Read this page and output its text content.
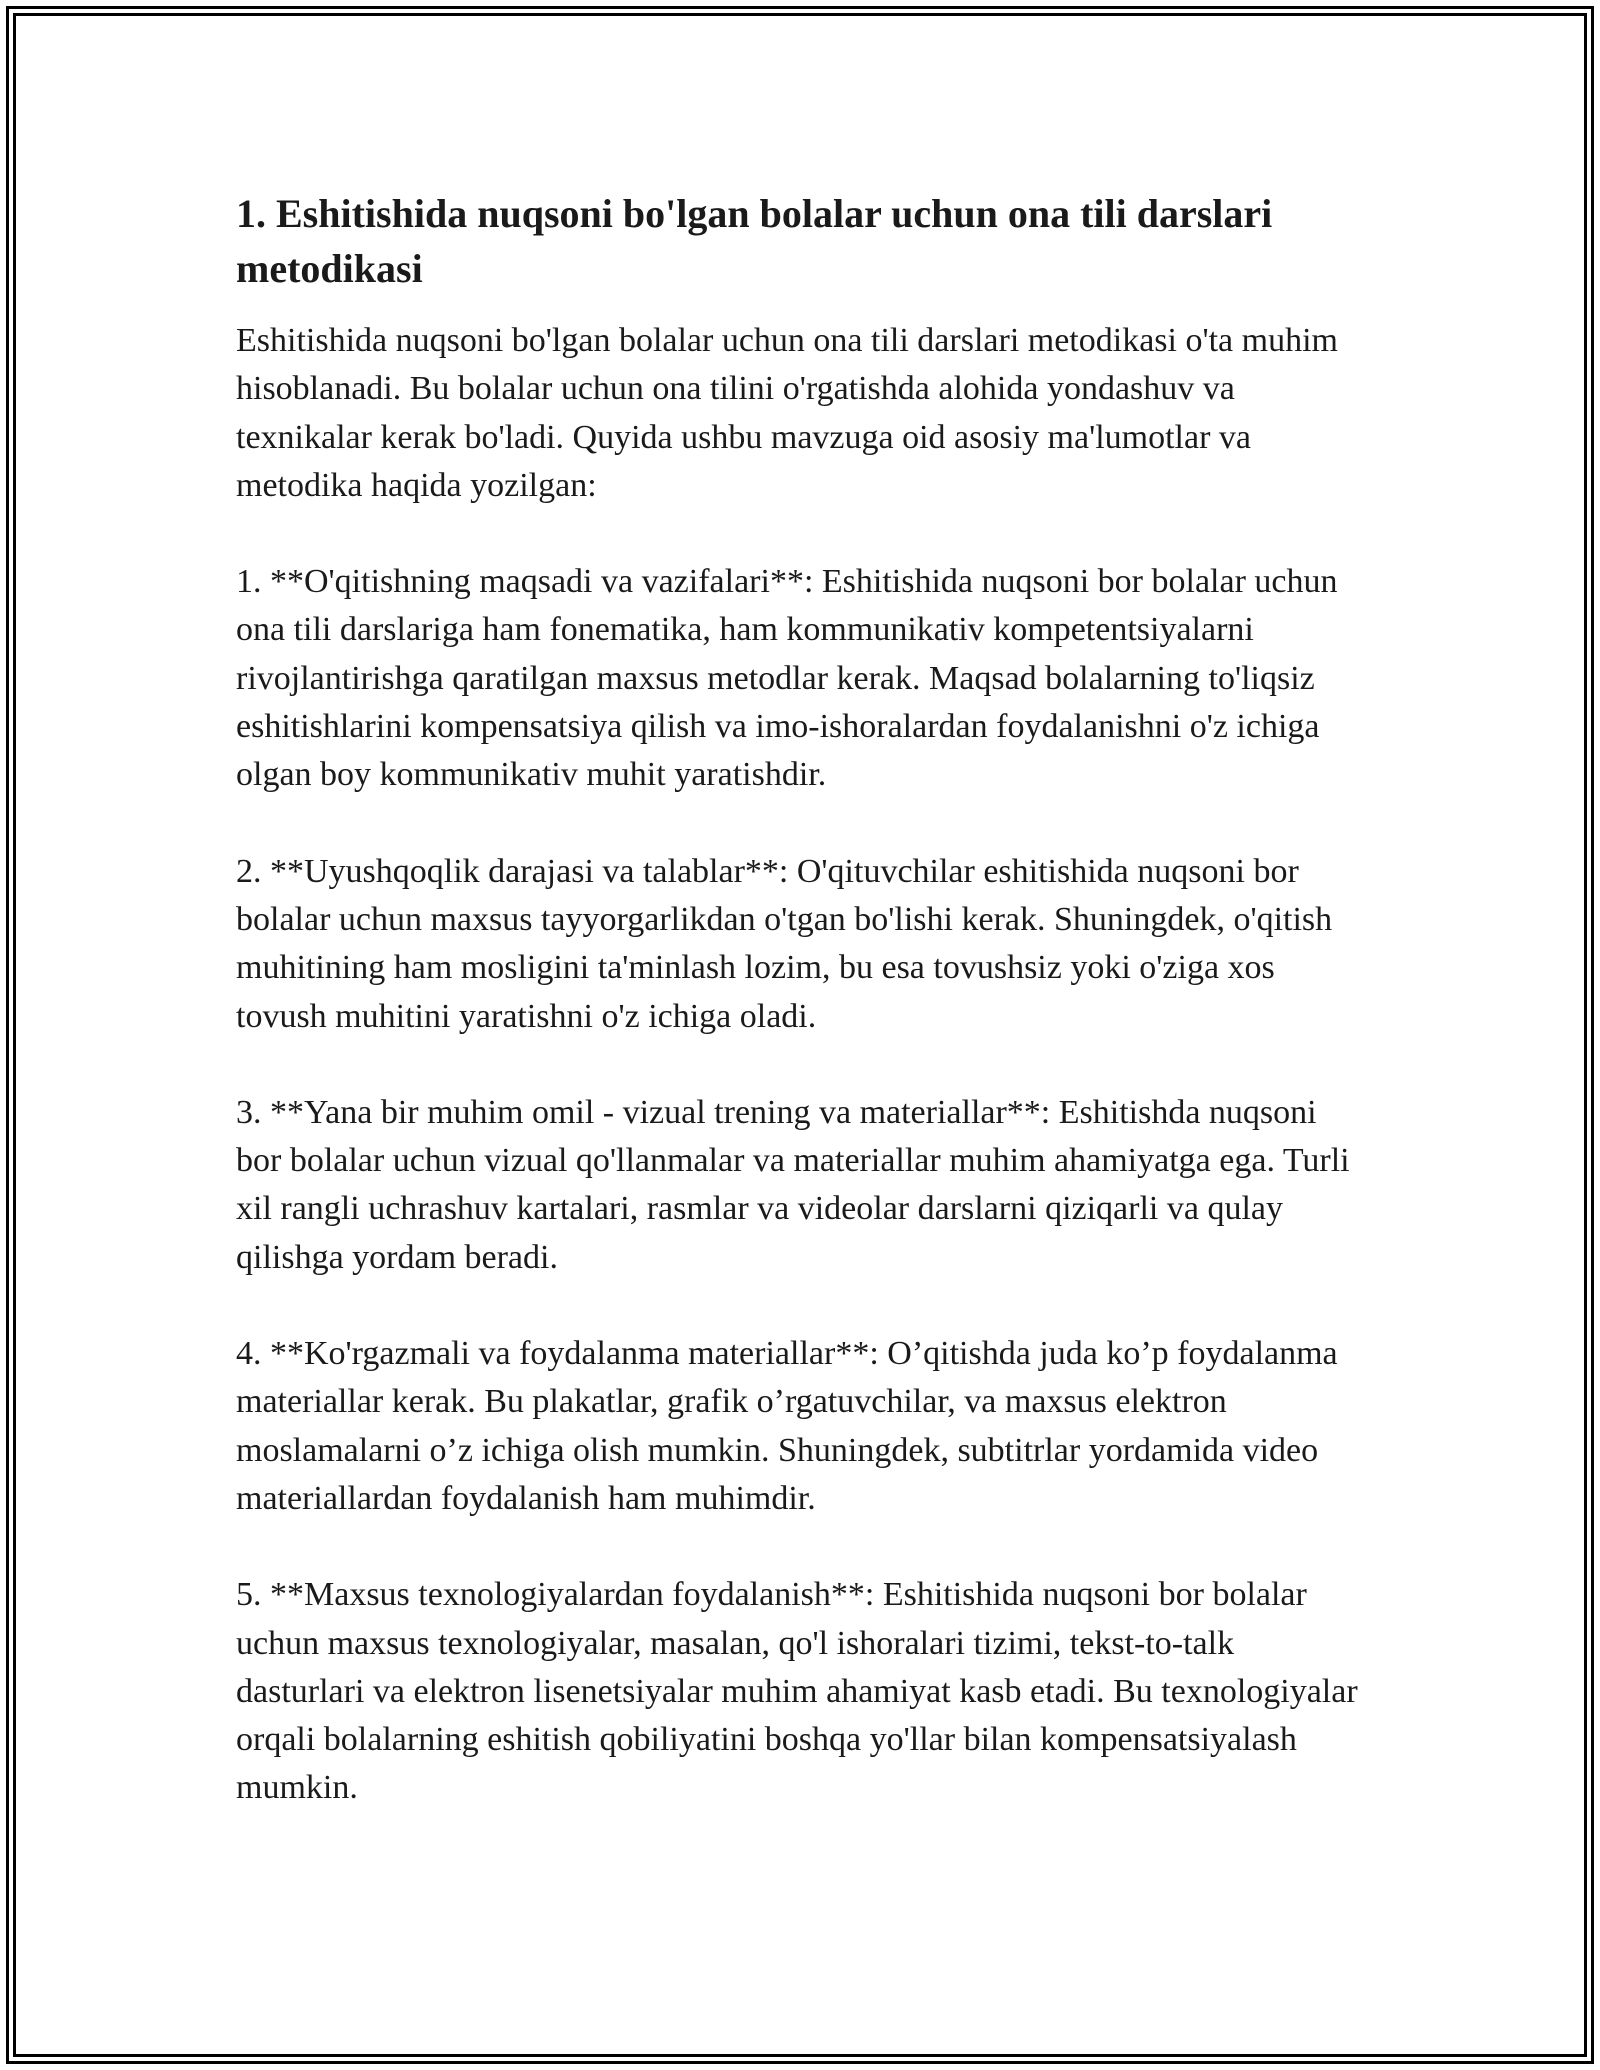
1. Eshitishida nuqsoni bo'lgan bolalar uchun ona tili darslari metodikasi

Eshitishida nuqsoni bo'lgan bolalar uchun ona tili darslari metodikasi o'ta muhim hisoblanadi. Bu bolalar uchun ona tilini o'rgatishda alohida yondashuv va texnikalar kerak bo'ladi. Quyida ushbu mavzuga oid asosiy ma'lumotlar va metodika haqida yozilgan:

1. **O'qitishning maqsadi va vazifalari**: Eshitishida nuqsoni bor bolalar uchun ona tili darslariga ham fonematika, ham kommunikativ kompetentsiyalarni rivojlantirishga qaratilgan maxsus metodlar kerak. Maqsad bolalarning to'liqsiz eshitishlarini kompensatsiya qilish va imo-ishoralardan foydalanishni o'z ichiga olgan boy kommunikativ muhit yaratishdir.

2. **Uyushqoqlik darajasi va talablar**: O'qituvchilar eshitishida nuqsoni bor bolalar uchun maxsus tayyorgarlikdan o'tgan bo'lishi kerak. Shuningdek, o'qitish muhitining ham mosligini ta'minlash lozim, bu esa tovushsiz yoki o'ziga xos tovush muhitini yaratishni o'z ichiga oladi.

3. **Yana bir muhim omil - vizual trening va materiallar**: Eshitishda nuqsoni bor bolalar uchun vizual qo'llanmalar va materiallar muhim ahamiyatga ega. Turli xil rangli uchrashuv kartalari, rasmlar va videolar darslarni qiziqarli va qulay qilishga yordam beradi.

4. **Ko'rgazmali va foydalanma materiallar**: O’qitishda juda ko’p foydalanma materiallar kerak. Bu plakatlar, grafik o’rgatuvchilar, va maxsus elektron moslamalarni o’z ichiga olish mumkin. Shuningdek, subtitrlar yordamida video materiallardan foydalanish ham muhimdir.

5. **Maxsus texnologiyalardan foydalanish**: Eshitishida nuqsoni bor bolalar uchun maxsus texnologiyalar, masalan, qo'l ishoralari tizimi, tekst-to-talk dasturlari va elektron lisenetsiyalar muhim ahamiyat kasb etadi. Bu texnologiyalar orqali bolalarning eshitish qobiliyatini boshqa yo'llar bilan kompensatsiyalash mumkin.
